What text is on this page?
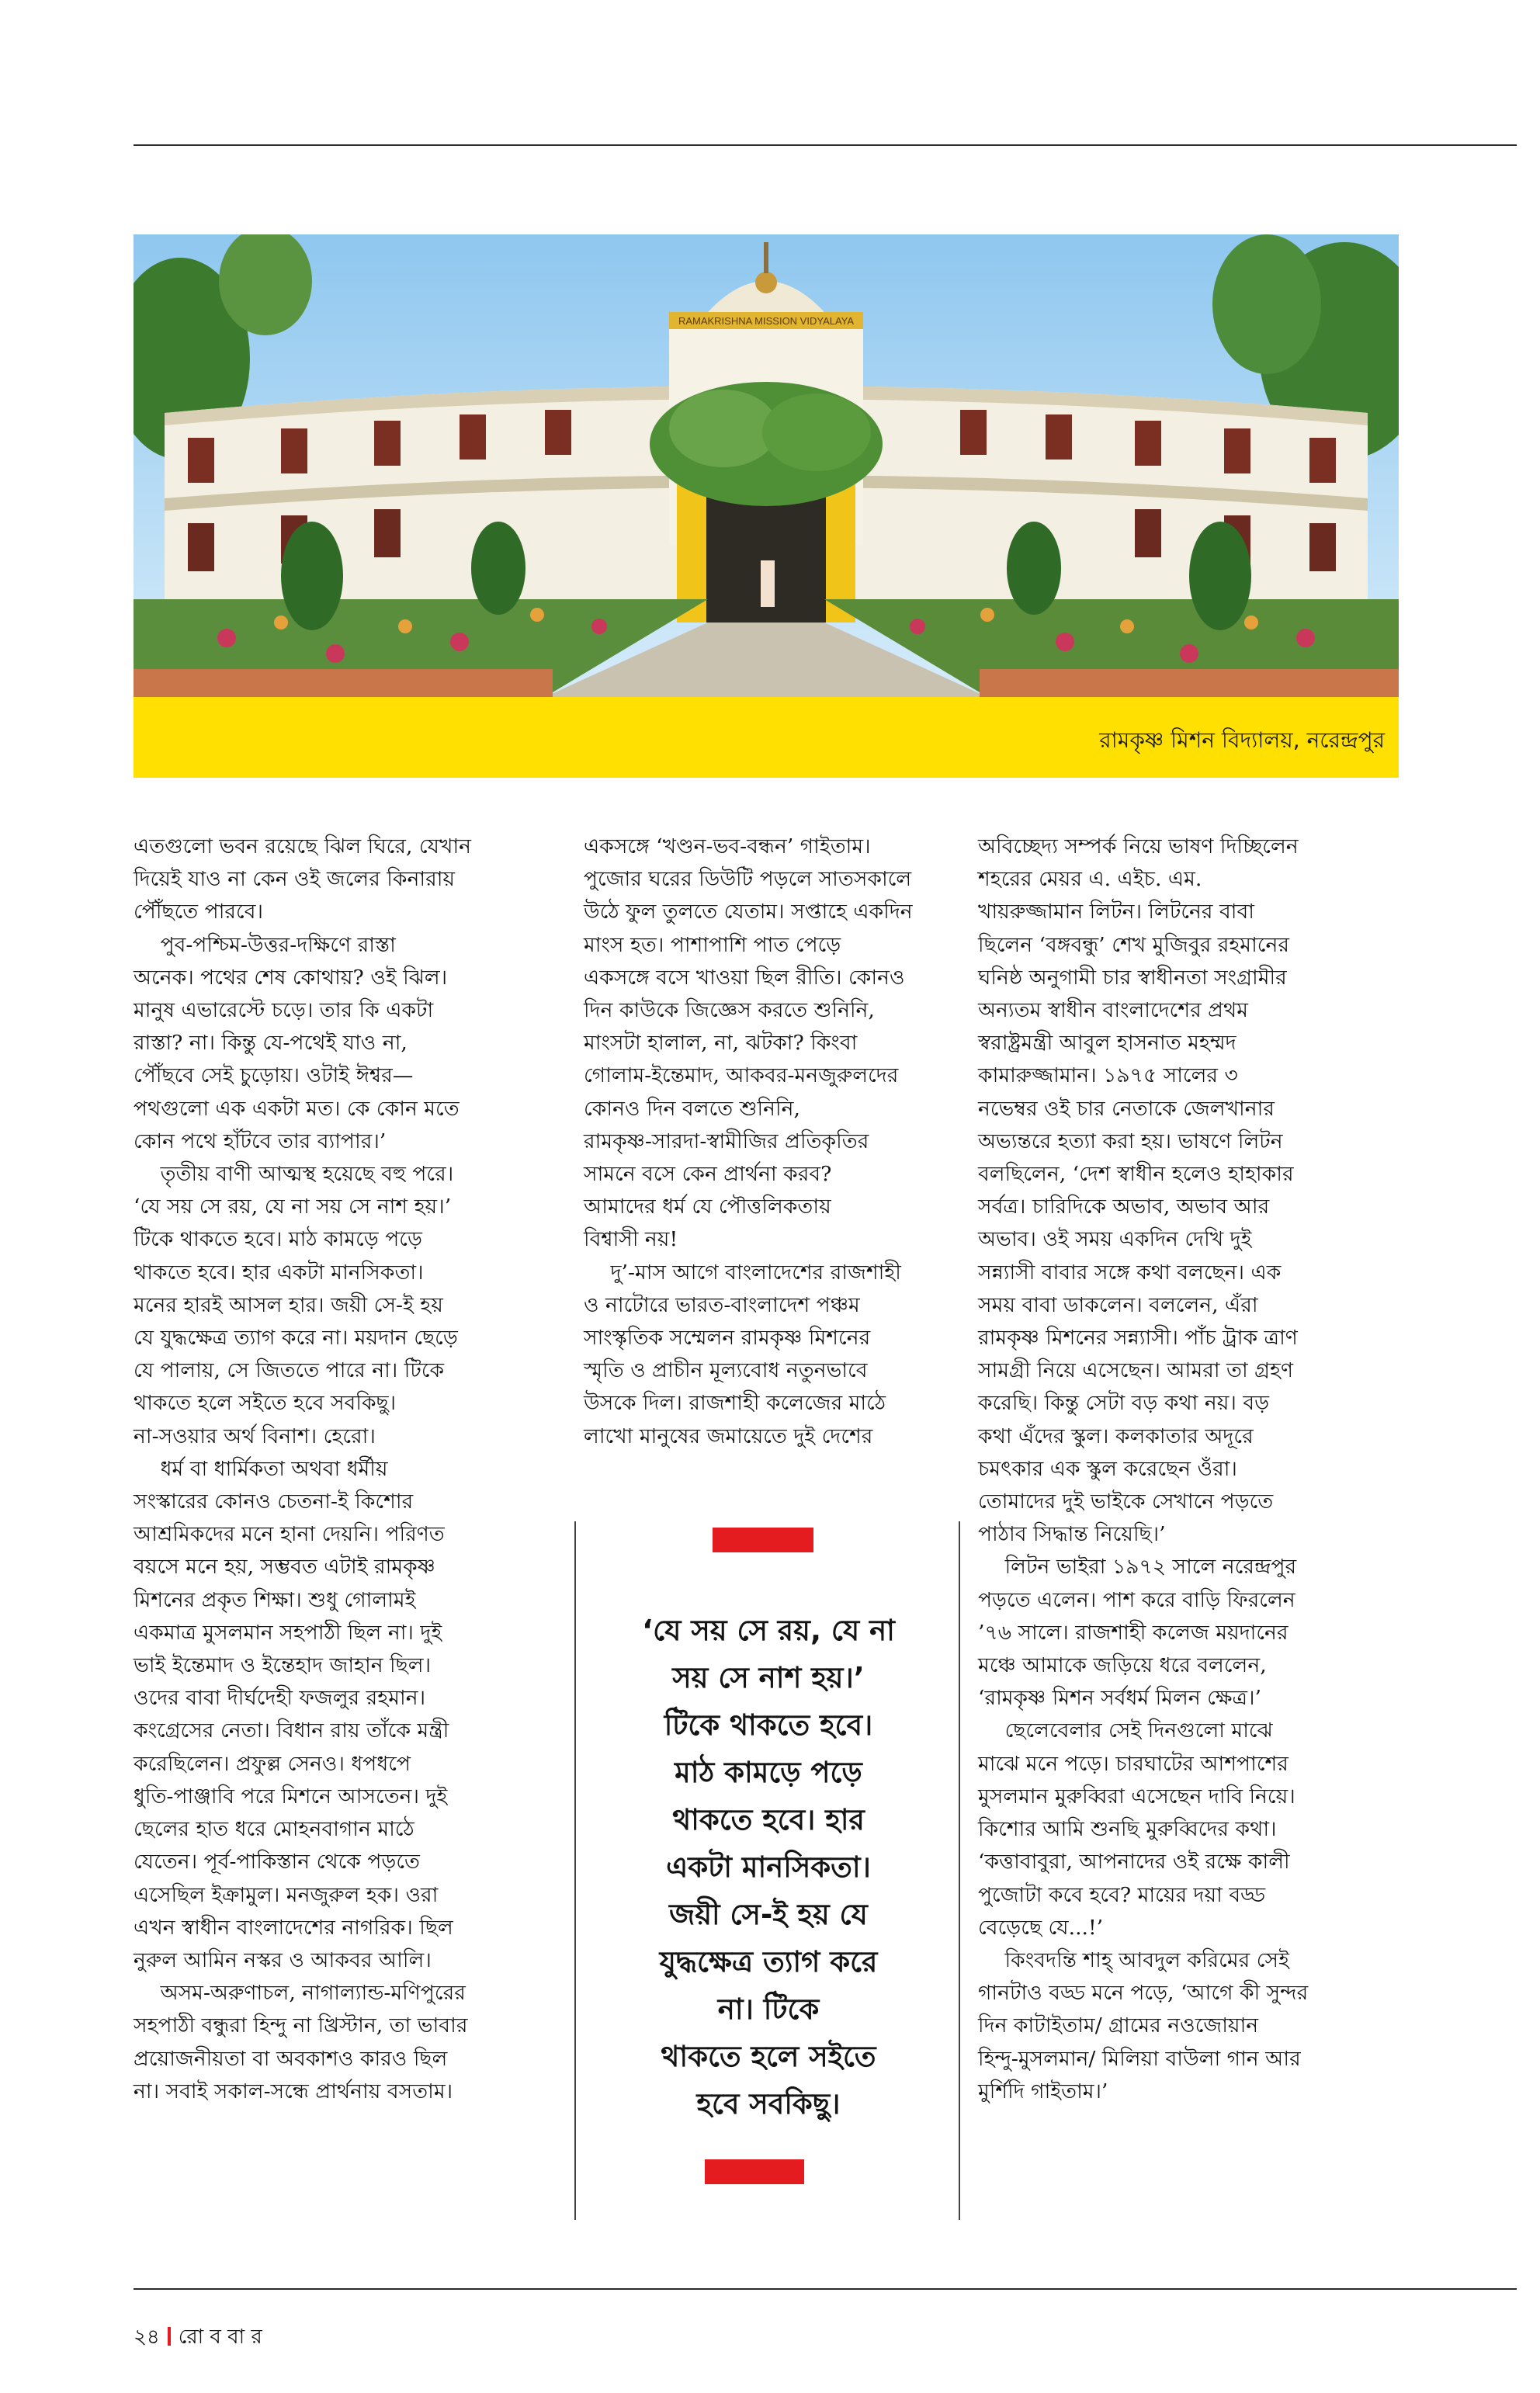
RAMAKRISHNA MISSION VIDYALAYA
রামকৃষ্ণ মিশন বিদ্যালয়, নরেন্দ্রপুর

এতগুলো ভবন রয়েছে ঝিল ঘিরে, যেখান

দিয়েই যাও না কেন ওই জলের কিনারায়

পৌঁছতে পারবে।

পুব-পশ্চিম-উত্তর-দক্ষিণে রাস্তা

অনেক। পথের শেষ কোথায়? ওই ঝিল।

মানুষ এভারেস্টে চড়ে। তার কি একটা

রাস্তা? না। কিন্তু যে-পথেই যাও না,

পৌঁছবে সেই চুড়োয়। ওটাই ঈশ্বর—

পথগুলো এক একটা মত। কে কোন মতে

কোন পথে হাঁটবে তার ব্যাপার।’

তৃতীয় বাণী আত্মস্থ হয়েছে বহু পরে।

‘যে সয় সে রয়, যে না সয় সে নাশ হয়।’

টিকে থাকতে হবে। মাঠ কামড়ে পড়ে

থাকতে হবে। হার একটা মানসিকতা।

মনের হারই আসল হার। জয়ী সে-ই হয়

যে যুদ্ধক্ষেত্র ত্যাগ করে না। ময়দান ছেড়ে

যে পালায়, সে জিততে পারে না। টিকে

থাকতে হলে সইতে হবে সবকিছু।

না-সওয়ার অর্থ বিনাশ। হেরো।

ধর্ম বা ধার্মিকতা অথবা ধর্মীয়

সংস্কারের কোনও চেতনা-ই কিশোর

আশ্রমিকদের মনে হানা দেয়নি। পরিণত

বয়সে মনে হয়, সম্ভবত এটাই রামকৃষ্ণ

মিশনের প্রকৃত শিক্ষা। শুধু গোলামই

একমাত্র মুসলমান সহপাঠী ছিল না। দুই

ভাই ইন্তেমাদ ও ইন্তেহাদ জাহান ছিল।

ওদের বাবা দীর্ঘদেহী ফজলুর রহমান।

কংগ্রেসের নেতা। বিধান রায় তাঁকে মন্ত্রী

করেছিলেন। প্রফুল্ল সেনও। ধপধপে

ধুতি-পাঞ্জাবি পরে মিশনে আসতেন। দুই

ছেলের হাত ধরে মোহনবাগান মাঠে

যেতেন। পূর্ব-পাকিস্তান থেকে পড়তে

এসেছিল ইক্রামুল। মনজুরুল হক। ওরা

এখন স্বাধীন বাংলাদেশের নাগরিক। ছিল

নুরুল আমিন নস্কর ও আকবর আলি।

অসম-অরুণাচল, নাগাল্যান্ড-মণিপুরের

সহপাঠী বন্ধুরা হিন্দু না খ্রিস্টান, তা ভাবার

প্রয়োজনীয়তা বা অবকাশও কারও ছিল

না। সবাই সকাল-সন্ধে প্রার্থনায় বসতাম।

একসঙ্গে ‘খণ্ডন-ভব-বন্ধন’ গাইতাম।

পুজোর ঘরের ডিউটি পড়লে সাতসকালে

উঠে ফুল তুলতে যেতাম। সপ্তাহে একদিন

মাংস হত। পাশাপাশি পাত পেড়ে

একসঙ্গে বসে খাওয়া ছিল রীতি। কোনও

দিন কাউকে জিজ্ঞেস করতে শুনিনি,

মাংসটা হালাল, না, ঝটকা? কিংবা

গোলাম-ইন্তেমাদ, আকবর-মনজুরুলদের

কোনও দিন বলতে শুনিনি,

রামকৃষ্ণ-সারদা-স্বামীজির প্রতিকৃতির

সামনে বসে কেন প্রার্থনা করব?

আমাদের ধর্ম যে পৌত্তলিকতায়

বিশ্বাসী নয়!

দু’-মাস আগে বাংলাদেশের রাজশাহী

ও নাটোরে ভারত-বাংলাদেশ পঞ্চম

সাংস্কৃতিক সম্মেলন রামকৃষ্ণ মিশনের

স্মৃতি ও প্রাচীন মূল্যবোধ নতুনভাবে

উসকে দিল। রাজশাহী কলেজের মাঠে

লাখো মানুষের জমায়েতে দুই দেশের

অবিচ্ছেদ্য সম্পর্ক নিয়ে ভাষণ দিচ্ছিলেন

শহরের মেয়র এ. এইচ. এম.

খায়রুজ্জামান লিটন। লিটনের বাবা

ছিলেন ‘বঙ্গবন্ধু’ শেখ মুজিবুর রহমানের

ঘনিষ্ঠ অনুগামী চার স্বাধীনতা সংগ্রামীর

অন্যতম স্বাধীন বাংলাদেশের প্রথম

স্বরাষ্ট্রমন্ত্রী আবুল হাসনাত মহম্মদ

কামারুজ্জামান। ১৯৭৫ সালের ৩

নভেম্বর ওই চার নেতাকে জেলখানার

অভ্যন্তরে হত্যা করা হয়। ভাষণে লিটন

বলছিলেন, ‘দেশ স্বাধীন হলেও হাহাকার

সর্বত্র। চারিদিকে অভাব, অভাব আর

অভাব। ওই সময় একদিন দেখি দুই

সন্ন্যাসী বাবার সঙ্গে কথা বলছেন। এক

সময় বাবা ডাকলেন। বললেন, এঁরা

রামকৃষ্ণ মিশনের সন্ন্যাসী। পাঁচ ট্রাক ত্রাণ

সামগ্রী নিয়ে এসেছেন। আমরা তা গ্রহণ

করেছি। কিন্তু সেটা বড় কথা নয়। বড়

কথা এঁদের স্কুল। কলকাতার অদূরে

চমৎকার এক স্কুল করেছেন ওঁরা।

তোমাদের দুই ভাইকে সেখানে পড়তে

পাঠাব সিদ্ধান্ত নিয়েছি।’

লিটন ভাইরা ১৯৭২ সালে নরেন্দ্রপুর

পড়তে এলেন। পাশ করে বাড়ি ফিরলেন

’৭৬ সালে। রাজশাহী কলেজ ময়দানের

মঞ্চে আমাকে জড়িয়ে ধরে বললেন,

‘রামকৃষ্ণ মিশন সর্বধর্ম মিলন ক্ষেত্র।’

ছেলেবেলার সেই দিনগুলো মাঝে

মাঝে মনে পড়ে। চারঘাটের আশপাশের

মুসলমান মুরুব্বিরা এসেছেন দাবি নিয়ে।

কিশোর আমি শুনছি মুরুব্বিদের কথা।

‘কত্তাবাবুরা, আপনাদের ওই রক্ষে কালী

পুজোটা কবে হবে? মায়ের দয়া বড্ড

বেড়েছে যে...!’

কিংবদন্তি শাহ্ আবদুল করিমের সেই

গানটাও বড্ড মনে পড়ে, ‘আগে কী সুন্দর

দিন কাটাইতাম/ গ্রামের নওজোয়ান

হিন্দু-মুসলমান/ মিলিয়া বাউলা গান আর

মুর্শিদি গাইতাম।’

‘যে সয় সে রয়, যে না

সয় সে নাশ হয়।’

টিকে থাকতে হবে।

মাঠ কামড়ে পড়ে

থাকতে হবে। হার

একটা মানসিকতা।

জয়ী সে-ই হয় যে

যুদ্ধক্ষেত্র ত্যাগ করে

না। টিকে

থাকতে হলে সইতে

হবে সবকিছু।

২৪ রো ব বা র
